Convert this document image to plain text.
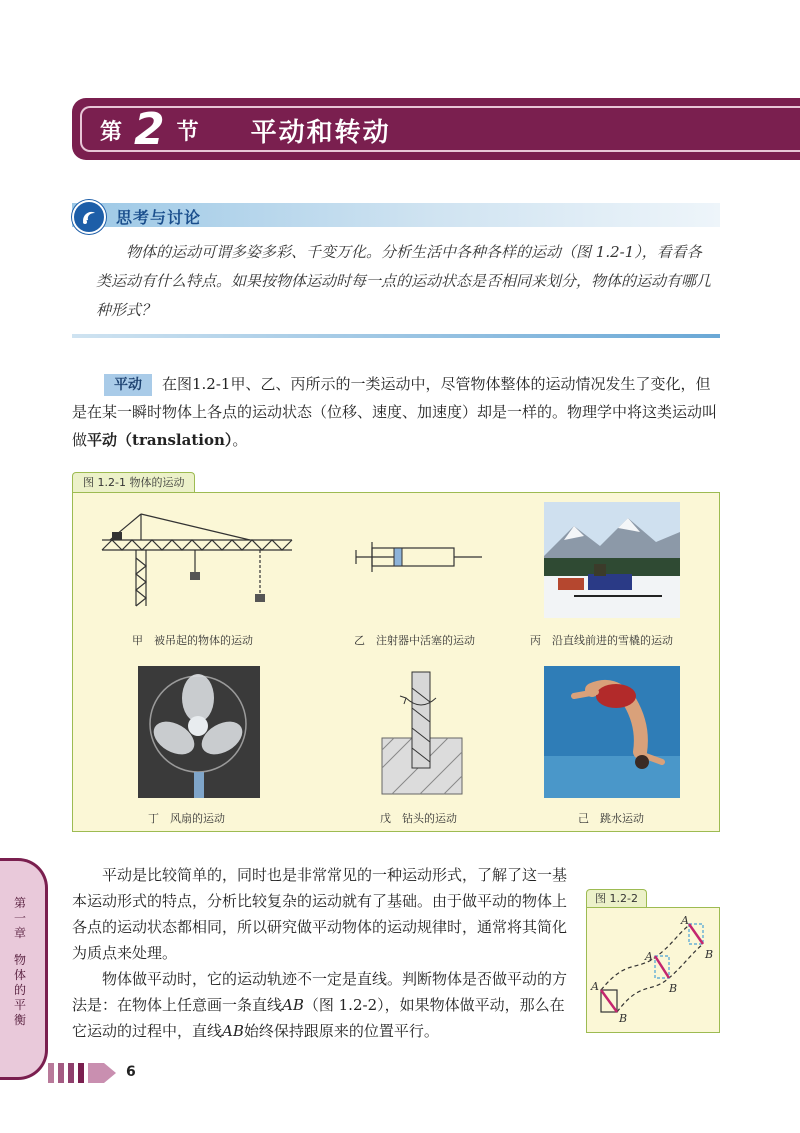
第 2 节 平动和转动
思考与讨论
物体的运动可谓多姿多彩、千变万化。分析生活中各种各样的运动（图 1.2-1），看看各类运动有什么特点。如果按物体运动时每一点的运动状态是否相同来划分，物体的运动有哪几种形式？
平动 在图1.2-1甲、乙、丙所示的一类运动中，尽管物体整体的运动情况发生了变化，但是在某一瞬时物体上各点的运动状态（位移、速度、加速度）却是一样的。物理学中将这类运动叫做平动（translation）。
图 1.2-1 物体的运动
甲　被吊起的物体的运动	乙　注射器中活塞的运动	丙　沿直线前进的雪橇的运动
丁　风扇的运动	戊　钻头的运动	己　跳水运动
平动是比较简单的，同时也是非常常见的一种运动形式，了解了这一基本运动形式的特点，分析比较复杂的运动就有了基础。由于做平动的物体上各点的运动状态都相同，所以研究做平动物体的运动规律时，通常将其简化为质点来处理。
物体做平动时，它的运动轨迹不一定是直线。判断物体是否做平动的方法是：在物体上任意画一条直线AB（图 1.2-2），如果物体做平动，那么在它运动的过程中，直线AB始终保持跟原来的位置平行。
图 1.2-2
A
B
A
B
A
B
第一章
物体的平衡
6
